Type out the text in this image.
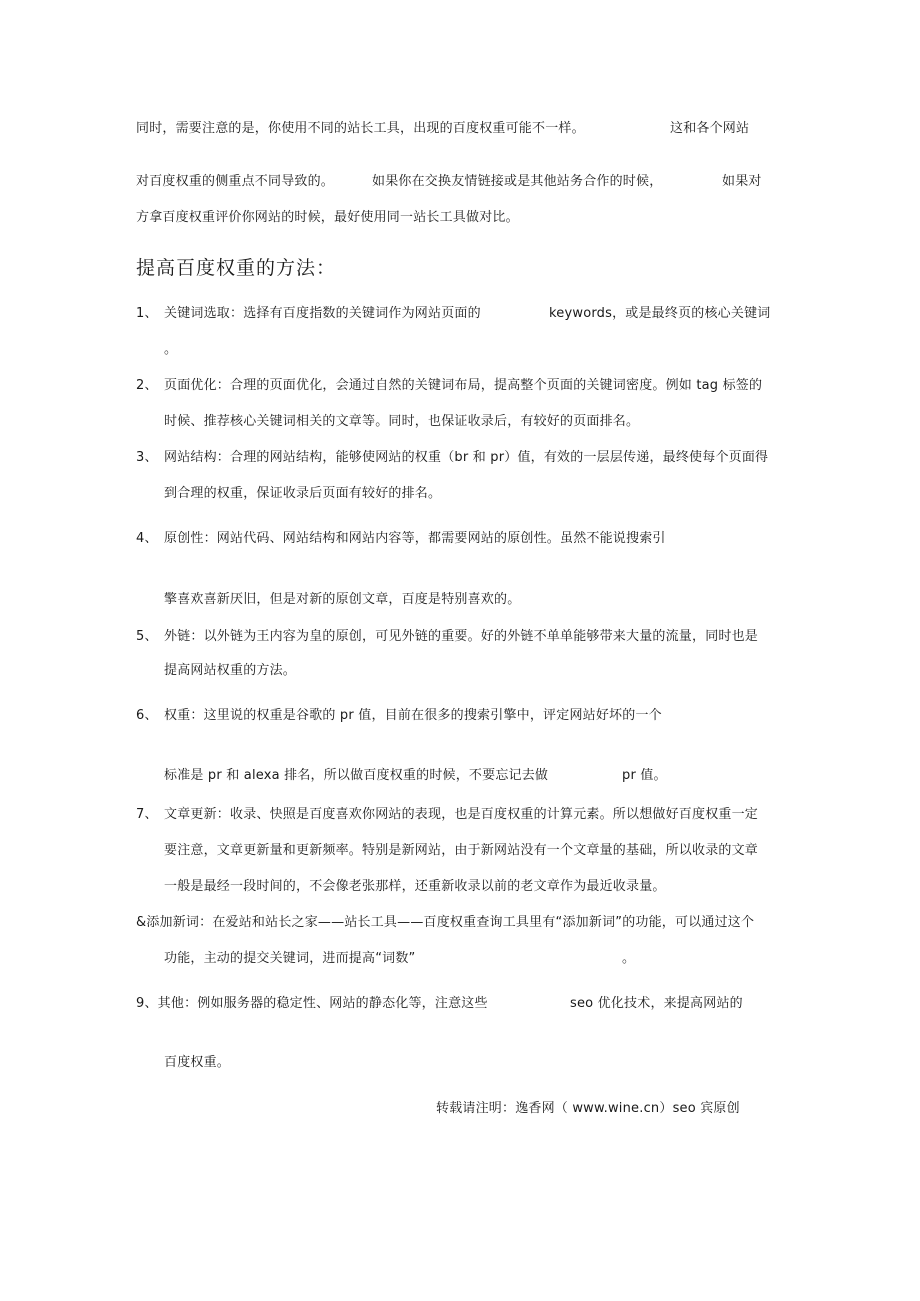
同时，需要注意的是，你使用不同的站长工具，出现的百度权重可能不一样。	这和各个网站
对百度权重的侧重点不同导致的。	如果你在交换友情链接或是其他站务合作的时候，	如果对
方拿百度权重评价你网站的时候，最好使用同一站长工具做对比。
提高百度权重的方法：
1、 关键词选取：选择有百度指数的关键词作为网站页面的	keywords，或是最终页的核心关键词
。
2、 页面优化：合理的页面优化，会通过自然的关键词布局，提高整个页面的关键词密度。例如 tag 标签的
时候、推荐核心关键词相关的文章等。同时，也保证收录后，有较好的页面排名。
3、 网站结构：合理的网站结构，能够使网站的权重（br 和 pr）值，有效的一层层传递，最终使每个页面得
到合理的权重，保证收录后页面有较好的排名。
4、 原创性：网站代码、网站结构和网站内容等，都需要网站的原创性。虽然不能说搜索引
擎喜欢喜新厌旧，但是对新的原创文章，百度是特别喜欢的。
5、 外链：以外链为王内容为皇的原创，可见外链的重要。好的外链不单单能够带来大量的流量，同时也是
提高网站权重的方法。
6、 权重：这里说的权重是谷歌的 pr 值，目前在很多的搜索引擎中，评定网站好坏的一个
标准是 pr 和 alexa 排名，所以做百度权重的时候，不要忘记去做	pr 值。
7、 文章更新：收录、快照是百度喜欢你网站的表现，也是百度权重的计算元素。所以想做好百度权重一定
要注意，文章更新量和更新频率。特别是新网站，由于新网站没有一个文章量的基础，所以收录的文章
一般是最经一段时间的，不会像老张那样，还重新收录以前的老文章作为最近收录量。
&添加新词：在爱站和站长之家——站长工具——百度权重查询工具里有“添加新词”的功能，可以通过这个
功能，主动的提交关键词，进而提高“词数”	。
9、其他：例如服务器的稳定性、网站的静态化等，注意这些	seo 优化技术，来提高网站的
百度权重。
转载请注明：逸香网（ www.wine.cn）seo 宾原创
